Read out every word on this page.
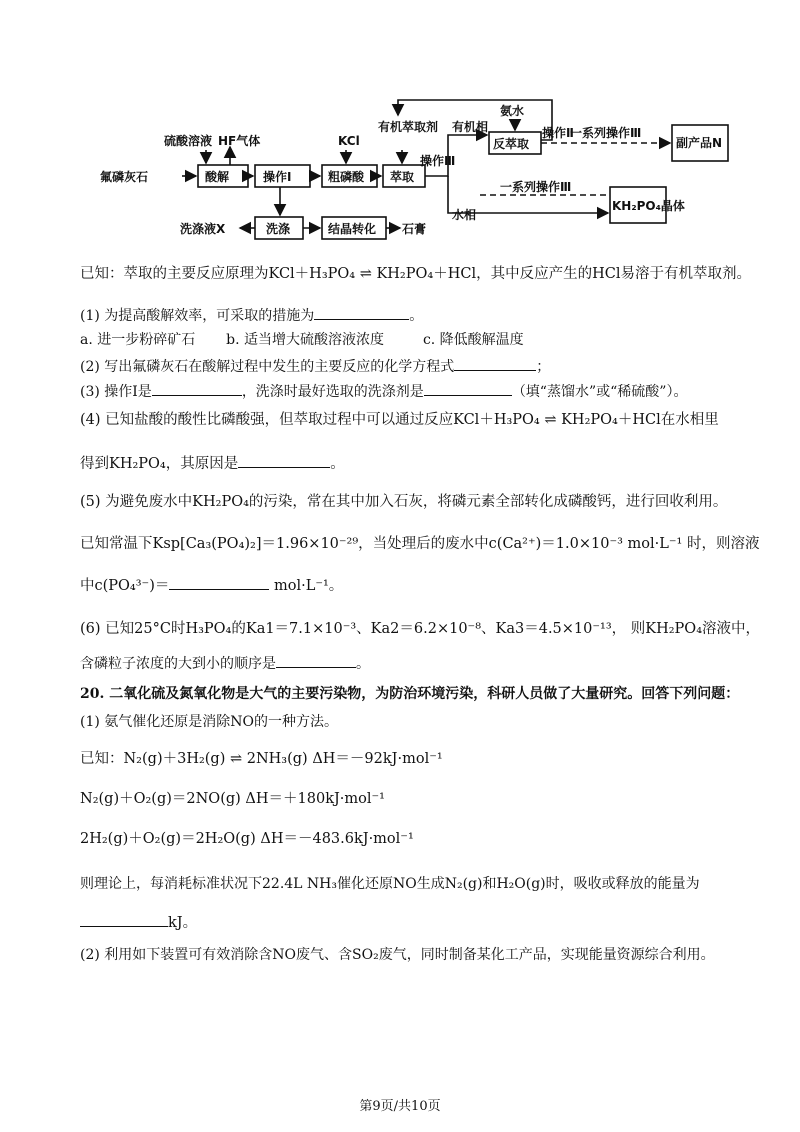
氟磷灰石
硫酸溶液 HF气体
酸解	操作Ⅰ	粗磷酸
KCl
有机萃取剂
萃取
操作Ⅲ
有机相
氨水
反萃取
操作Ⅱ
一系列操作Ⅲ
副产品N
水相
一系列操作Ⅲ
KH₂PO₄晶体
洗涤
洗涤液X	结晶转化 石膏
已知：萃取的主要反应原理为KCl＋H₃PO₄ ⇌ KH₂PO₄＋HCl，其中反应产生的HCl易溶于有机萃取剂。
(1) 为提高酸解效率，可采取的措施为	。
a. 进一步粉碎矿石 b. 适当增大硫酸溶液浓度	c. 降低酸解温度
(2) 写出氟磷灰石在酸解过程中发生的主要反应的化学方程式	；
(3) 操作Ⅰ是	，洗涤时最好选取的洗涤剂是	（填“蒸馏水”或“稀硫酸”）。
(4) 已知盐酸的酸性比磷酸强，但萃取过程中可以通过反应KCl＋H₃PO₄ ⇌ KH₂PO₄＋HCl在水相里
得到KH₂PO₄，其原因是	。
(5) 为避免废水中KH₂PO₄的污染，常在其中加入石灰，将磷元素全部转化成磷酸钙，进行回收利用。
已知常温下Ksp[Ca₃(PO₄)₂]＝1.96×10⁻²⁹，当处理后的废水中c(Ca²⁺)＝1.0×10⁻³ mol·L⁻¹ 时，则溶液
中c(PO₄³⁻)＝	mol·L⁻¹。
(6) 已知25°C时H₃PO₄的Ka1＝7.1×10⁻³、Ka2＝6.2×10⁻⁸、Ka3＝4.5×10⁻¹³， 则KH₂PO₄溶液中，
含磷粒子浓度的大到小的顺序是	。
20. 二氧化硫及氮氧化物是大气的主要污染物，为防治环境污染，科研人员做了大量研究。回答下列问题：
(1) 氨气催化还原是消除NO的一种方法。
已知：N₂(g)＋3H₂(g) ⇌ 2NH₃(g) ΔH＝－92kJ·mol⁻¹
N₂(g)＋O₂(g)＝2NO(g) ΔH＝＋180kJ·mol⁻¹
2H₂(g)＋O₂(g)＝2H₂O(g) ΔH＝－483.6kJ·mol⁻¹
则理论上，每消耗标准状况下22.4L NH₃催化还原NO生成N₂(g)和H₂O(g)时，吸收或释放的能量为
kJ。
(2) 利用如下装置可有效消除含NO废气、含SO₂废气，同时制备某化工产品，实现能量资源综合利用。
第9页/共10页
